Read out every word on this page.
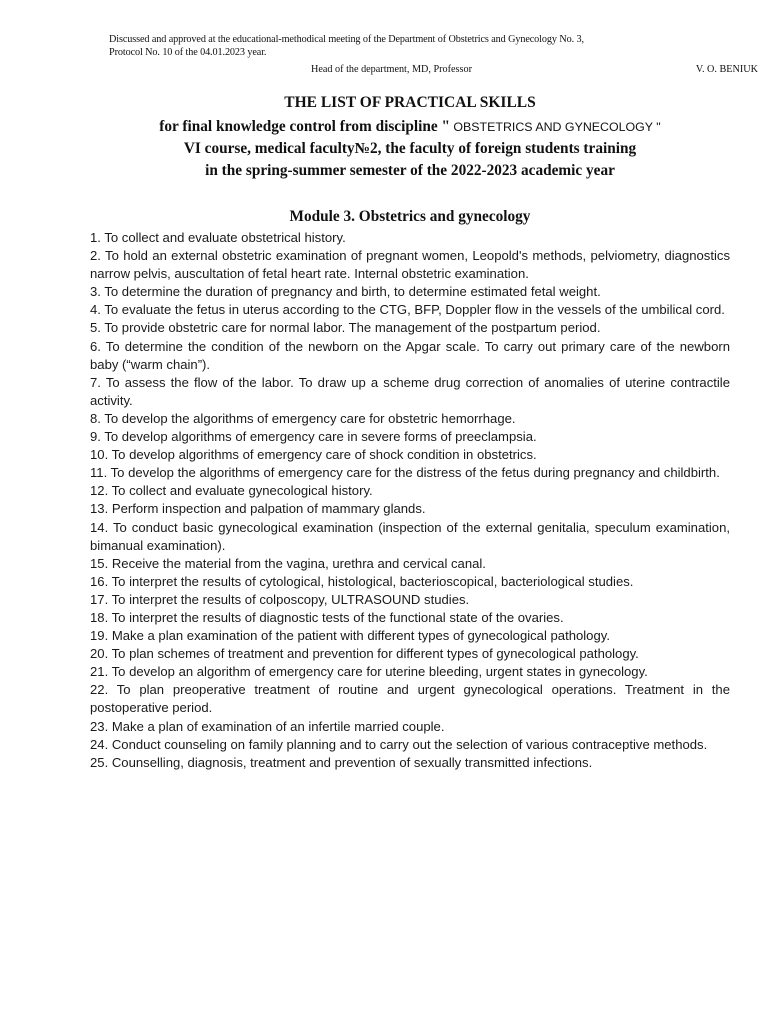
Discussed and approved at the educational-methodical meeting of the Department of Obstetrics and Gynecology No. 3,

Protocol No. 10 of the 04.01.2023 year.

Head of the department, MD, Professor	V. O. BENIUK

THE LIST OF PRACTICAL SKILLS

for final knowledge control from discipline " OBSTETRICS AND GYNECOLOGY "

VI course, medical faculty№2, the faculty of foreign students training

in the spring-summer semester of the 2022-2023 academic year

Module 3. Obstetrics and gynecology
1. To collect and evaluate obstetrical history.
2. To hold an external obstetric examination of pregnant women, Leopold's methods, pelviometry, diagnostics narrow pelvis, auscultation of fetal heart rate. Internal obstetric examination.
3. To determine the duration of pregnancy and birth, to determine estimated fetal weight.
4. To evaluate the fetus in uterus according to the CTG, BFP, Doppler flow in the vessels of the umbilical cord.
5. To provide obstetric care for normal labor. The management of the postpartum period.
6. To determine the condition of the newborn on the Apgar scale. To carry out primary care of the newborn baby (“warm chain”).
7. To assess the flow of the labor. To draw up a scheme drug correction of anomalies of uterine contractile activity.
8. To develop the algorithms of emergency care for obstetric hemorrhage.
9. To develop algorithms of emergency care in severe forms of preeclampsia.
10. To develop algorithms of emergency care of shock condition in obstetrics.
11. To develop the algorithms of emergency care for the distress of the fetus during pregnancy and childbirth.
12. To collect and evaluate gynecological history.
13. Perform inspection and palpation of mammary glands.
14. To conduct basic gynecological examination (inspection of the external genitalia, speculum examination, bimanual examination).
15. Receive the material from the vagina, urethra and cervical canal.
16. To interpret the results of cytological, histological, bacterioscopical, bacteriological studies.
17. To interpret the results of colposcopy, ULTRASOUND studies.
18. To interpret the results of diagnostic tests of the functional state of the ovaries.
19. Make a plan examination of the patient with different types of gynecological pathology.
20. To plan schemes of treatment and prevention for different types of gynecological pathology.
21. To develop an algorithm of emergency care for uterine bleeding, urgent states in gynecology.
22. To plan preoperative treatment of routine and urgent gynecological operations. Treatment in the postoperative period.
23. Make a plan of examination of an infertile married couple.
24. Conduct counseling on family planning and to carry out the selection of various contraceptive methods.
25. Counselling, diagnosis, treatment and prevention of sexually transmitted infections.
